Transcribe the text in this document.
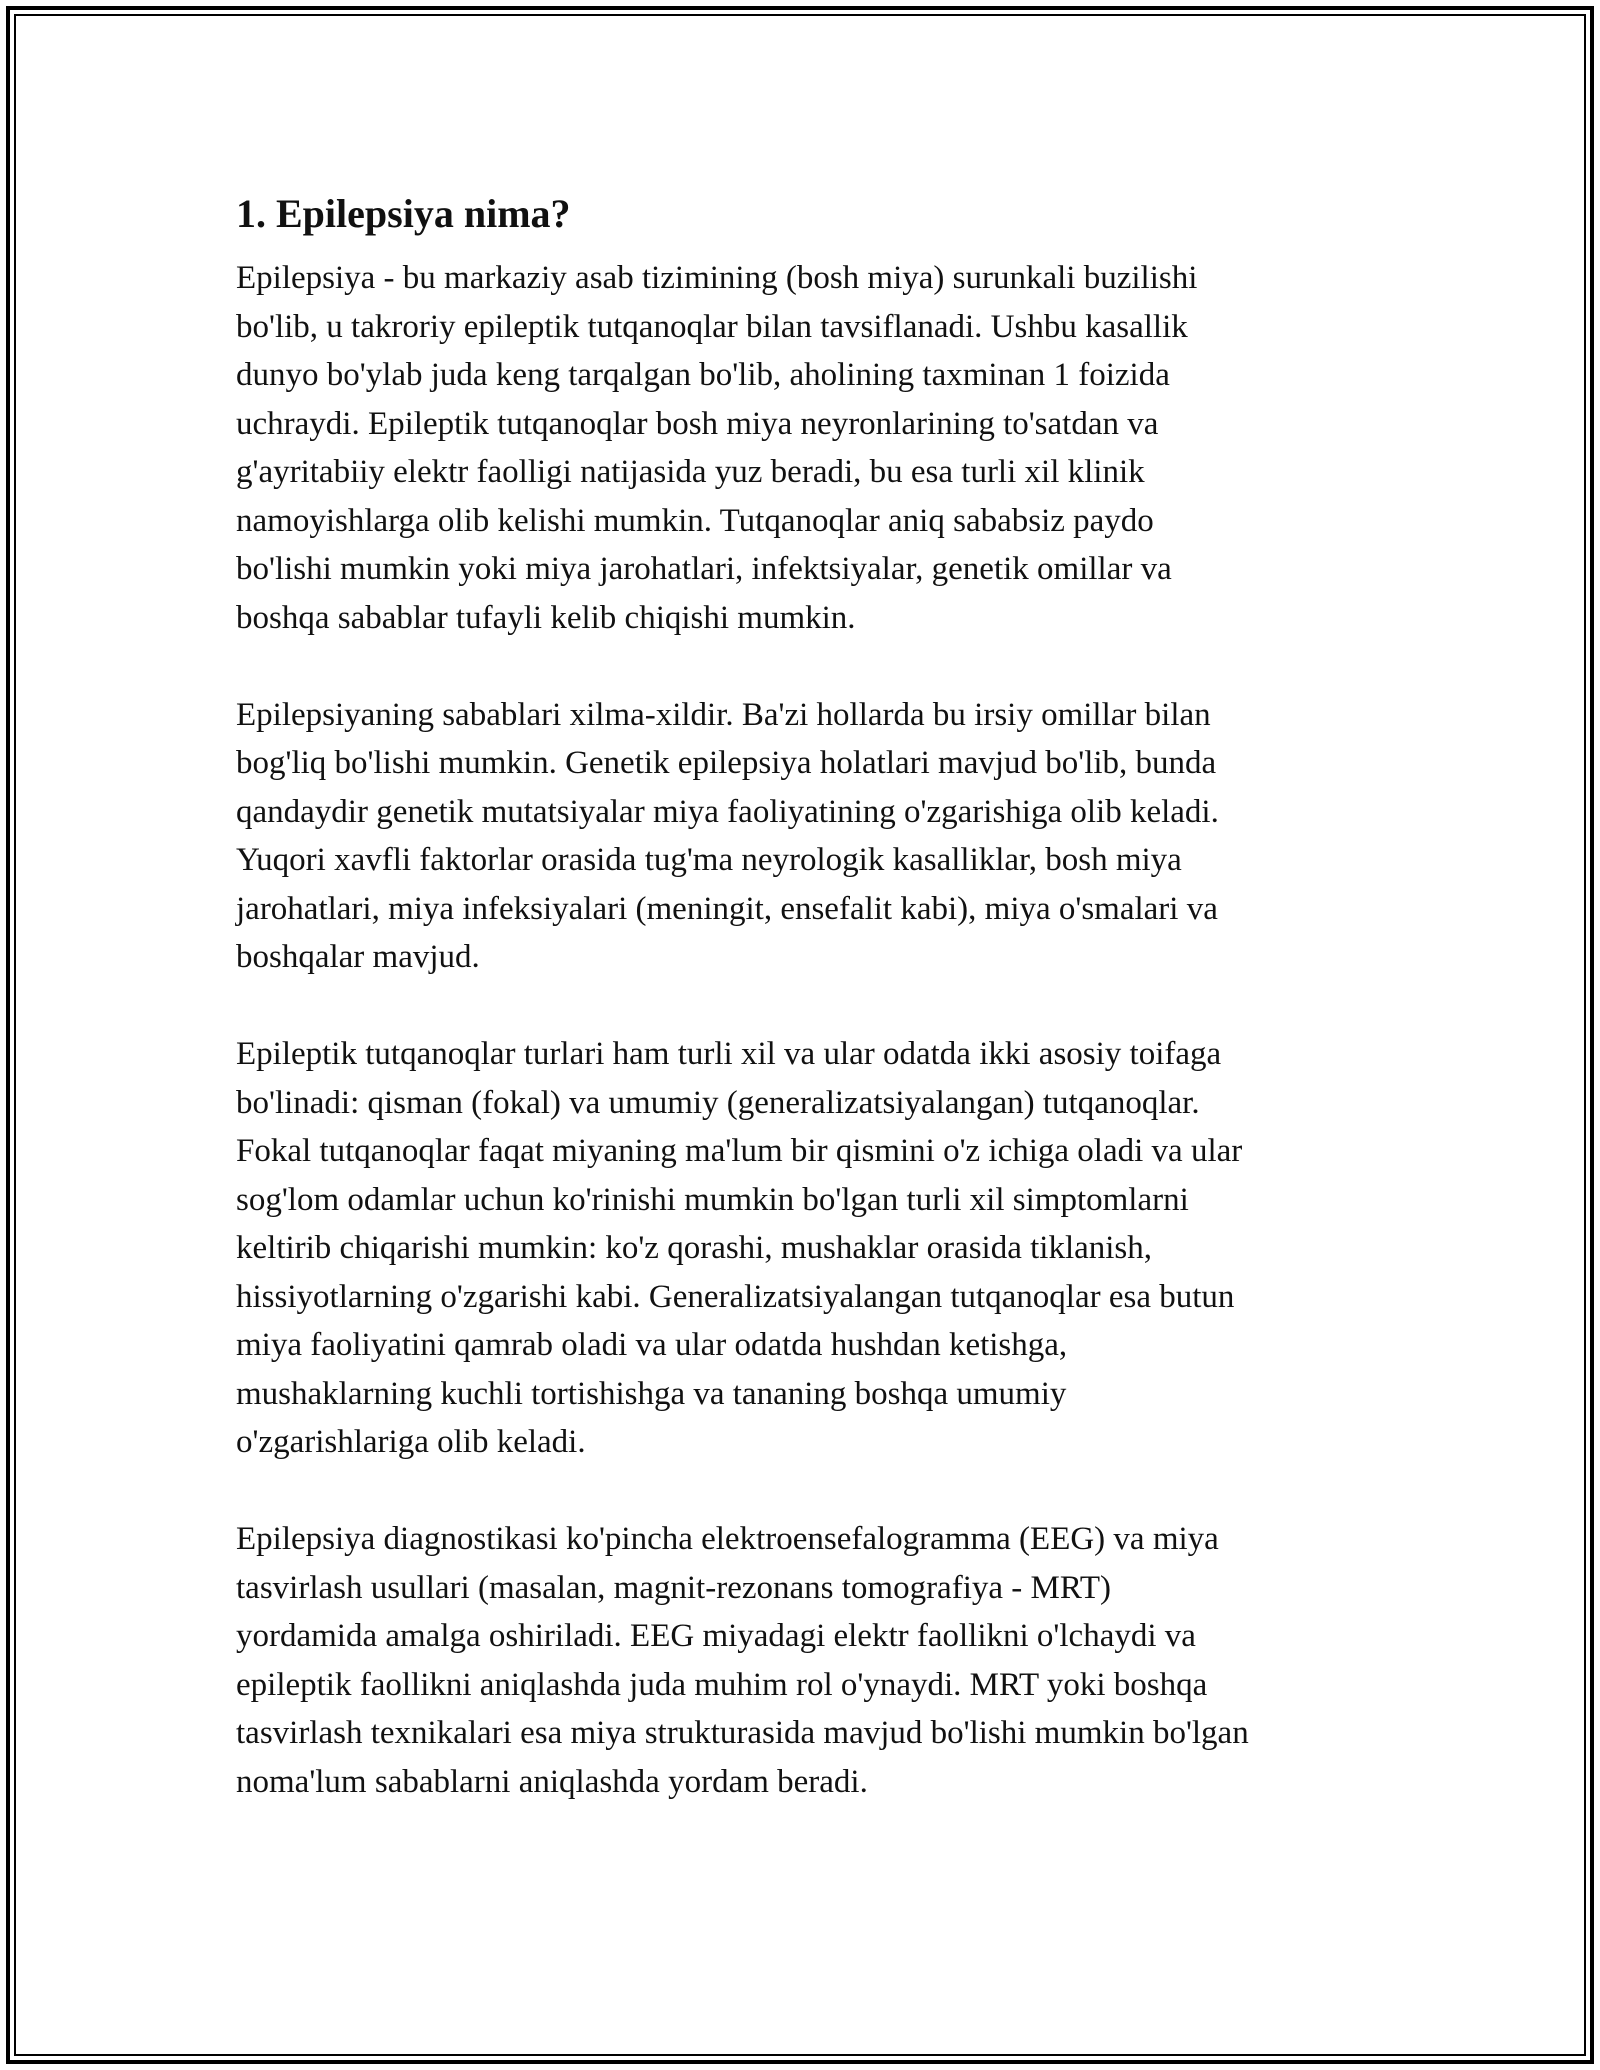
1. Epilepsiya nima?
Epilepsiya - bu markaziy asab tizimining (bosh miya) surunkali buzilishi
bo'lib, u takroriy epileptik tutqanoqlar bilan tavsiflanadi. Ushbu kasallik
dunyo bo'ylab juda keng tarqalgan bo'lib, aholining taxminan 1 foizida
uchraydi. Epileptik tutqanoqlar bosh miya neyronlarining to'satdan va
g'ayritabiiy elektr faolligi natijasida yuz beradi, bu esa turli xil klinik
namoyishlarga olib kelishi mumkin. Tutqanoqlar aniq sababsiz paydo
bo'lishi mumkin yoki miya jarohatlari, infektsiyalar, genetik omillar va
boshqa sabablar tufayli kelib chiqishi mumkin.
Epilepsiyaning sabablari xilma-xildir. Ba'zi hollarda bu irsiy omillar bilan
bog'liq bo'lishi mumkin. Genetik epilepsiya holatlari mavjud bo'lib, bunda
qandaydir genetik mutatsiyalar miya faoliyatining o'zgarishiga olib keladi.
Yuqori xavfli faktorlar orasida tug'ma neyrologik kasalliklar, bosh miya
jarohatlari, miya infeksiyalari (meningit, ensefalit kabi), miya o'smalari va
boshqalar mavjud.
Epileptik tutqanoqlar turlari ham turli xil va ular odatda ikki asosiy toifaga
bo'linadi: qisman (fokal) va umumiy (generalizatsiyalangan) tutqanoqlar.
Fokal tutqanoqlar faqat miyaning ma'lum bir qismini o'z ichiga oladi va ular
sog'lom odamlar uchun ko'rinishi mumkin bo'lgan turli xil simptomlarni
keltirib chiqarishi mumkin: ko'z qorashi, mushaklar orasida tiklanish,
hissiyotlarning o'zgarishi kabi. Generalizatsiyalangan tutqanoqlar esa butun
miya faoliyatini qamrab oladi va ular odatda hushdan ketishga,
mushaklarning kuchli tortishishga va tananing boshqa umumiy
o'zgarishlariga olib keladi.
Epilepsiya diagnostikasi ko'pincha elektroensefalogramma (EEG) va miya
tasvirlash usullari (masalan, magnit-rezonans tomografiya - MRT)
yordamida amalga oshiriladi. EEG miyadagi elektr faollikni o'lchaydi va
epileptik faollikni aniqlashda juda muhim rol o'ynaydi. MRT yoki boshqa
tasvirlash texnikalari esa miya strukturasida mavjud bo'lishi mumkin bo'lgan
noma'lum sabablarni aniqlashda yordam beradi.
